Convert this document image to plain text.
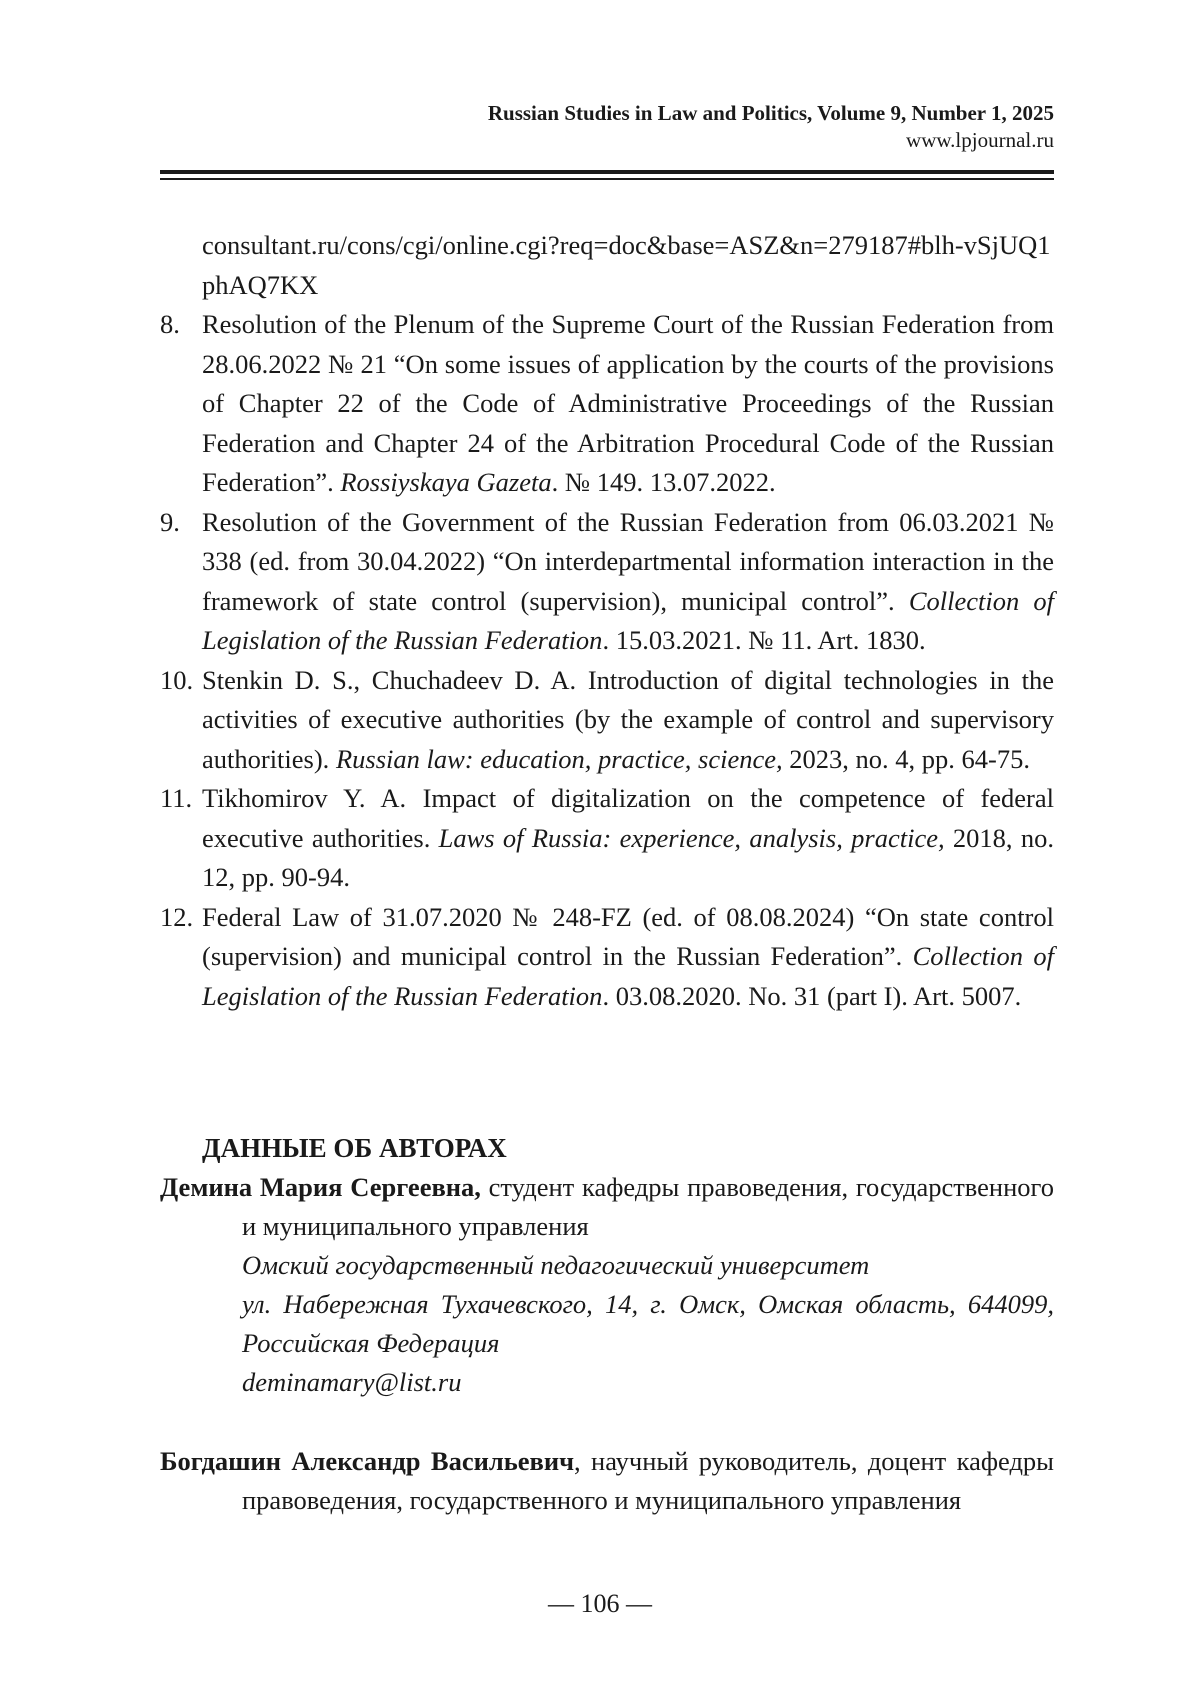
Russian Studies in Law and Politics, Volume 9, Number 1, 2025
www.lpjournal.ru

consultant.ru/cons/cgi/online.cgi?req=doc&base=ASZ&n=279187#blh-vSjUQ1phAQ7KX

8. Resolution of the Plenum of the Supreme Court of the Russian Federation from 28.06.2022 № 21 “On some issues of application by the courts of the provisions of Chapter 22 of the Code of Administrative Proceedings of the Russian Federation and Chapter 24 of the Arbitration Procedural Code of the Russian Federation”. Rossiyskaya Gazeta. № 149. 13.07.2022.
9. Resolution of the Government of the Russian Federation from 06.03.2021 № 338 (ed. from 30.04.2022) “On interdepartmental information interaction in the framework of state control (supervision), municipal control”. Collection of Legislation of the Russian Federation. 15.03.2021. № 11. Art. 1830.
10. Stenkin D. S., Chuchadeev D. A. Introduction of digital technologies in the activities of executive authorities (by the example of control and supervisory authorities). Russian law: education, practice, science, 2023, no. 4, pp. 64-75.
11. Tikhomirov Y. A. Impact of digitalization on the competence of federal executive authorities. Laws of Russia: experience, analysis, practice, 2018, no. 12, pp. 90-94.
12. Federal Law of 31.07.2020 № 248-FZ (ed. of 08.08.2024) “On state control (supervision) and municipal control in the Russian Federation”. Collection of Legislation of the Russian Federation. 03.08.2020. No. 31 (part I). Art. 5007.
ДАННЫЕ ОБ АВТОРАХ

Демина Мария Сергеевна, студент кафедры правоведения, государственного и муниципального управления

Омский государственный педагогический университет

ул. Набережная Тухачевского, 14, г. Омск, Омская область, 644099, Российская Федерация

deminamary@list.ru

Богдашин Александр Васильевич, научный руководитель, доцент кафедры правоведения, государственного и муниципального управления

— 106 —
